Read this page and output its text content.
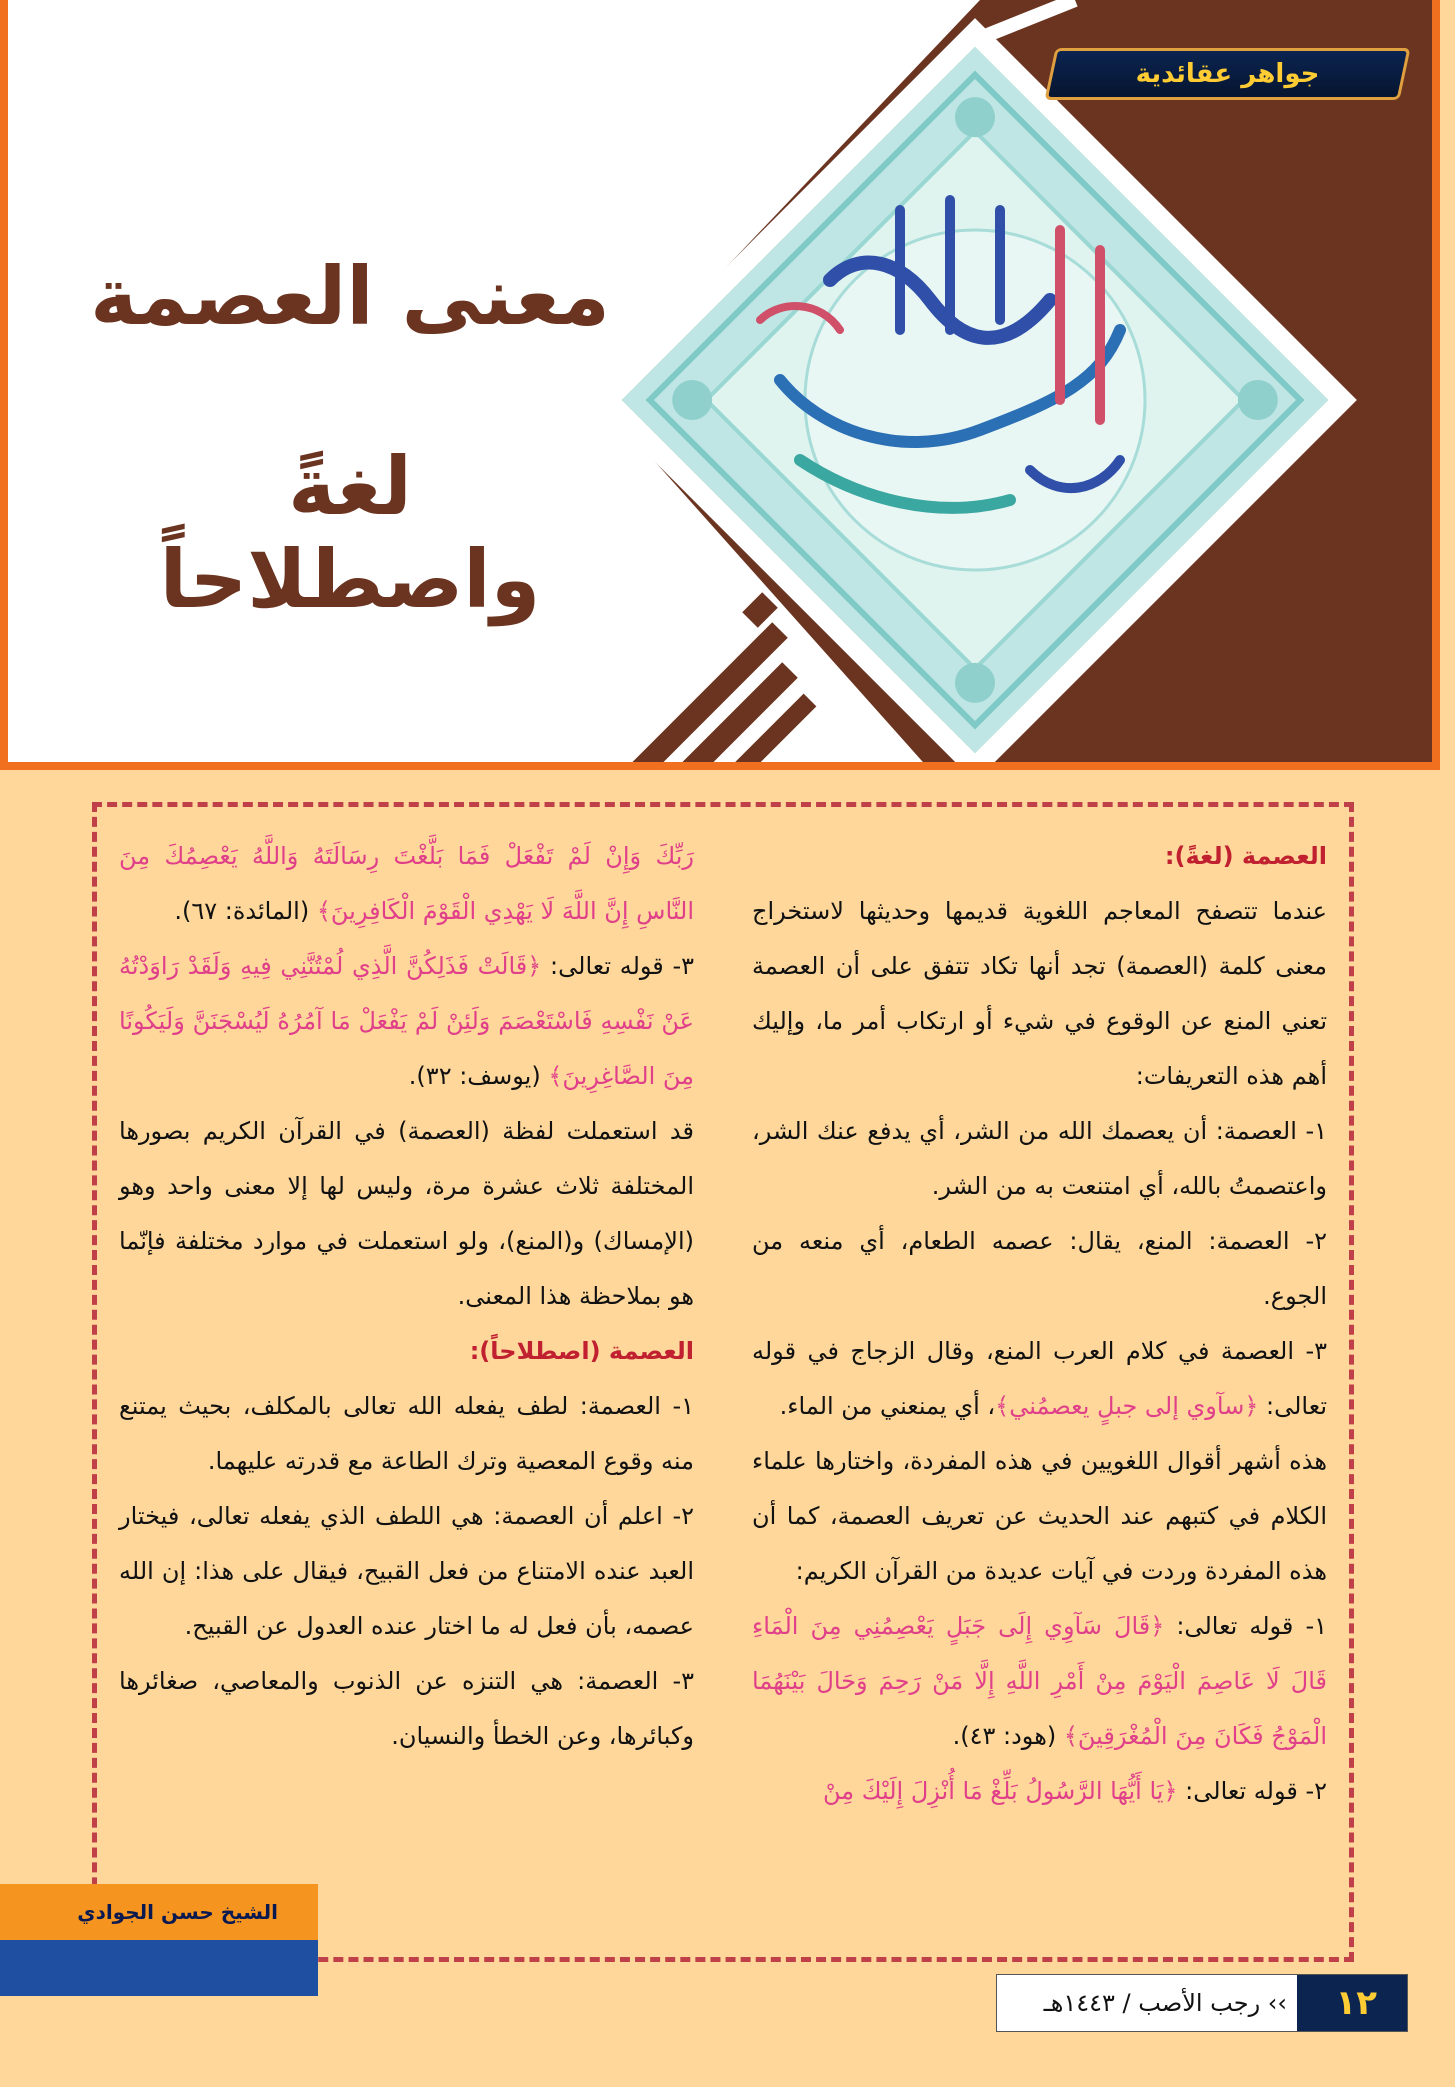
جواهر عقائدية
معنى العصمة
لغةً واصطلاحاً

العصمة (لغةً):

عندما تتصفح المعاجم اللغوية قديمها وحديثها لاستخراج معنى كلمة (العصمة) تجد أنها تكاد تتفق على أن العصمة تعني المنع عن الوقوع في شيء أو ارتكاب أمر ما، وإليك أهم هذه التعريفات:

١- العصمة: أن يعصمك الله من الشر، أي يدفع عنك الشر، واعتصمتُ بالله، أي امتنعت به من الشر.

٢- العصمة: المنع، يقال: عصمه الطعام، أي منعه من الجوع.

٣- العصمة في كلام العرب المنع، وقال الزجاج في قوله تعالى: ﴿سآوي إلى جبلٍ يعصمُني﴾، أي يمنعني من الماء.

هذه أشهر أقوال اللغويين في هذه المفردة، واختارها علماء الكلام في كتبهم عند الحديث عن تعريف العصمة، كما أن هذه المفردة وردت في آيات عديدة من القرآن الكريم:

١- قوله تعالى: ﴿قَالَ سَآوِي إِلَى جَبَلٍ يَعْصِمُنِي مِنَ الْمَاءِ قَالَ لَا عَاصِمَ الْيَوْمَ مِنْ أَمْرِ اللَّهِ إِلَّا مَنْ رَحِمَ وَحَالَ بَيْنَهُمَا الْمَوْجُ فَكَانَ مِنَ الْمُغْرَقِينَ﴾ (هود: ٤٣).

٢- قوله تعالى: ﴿يَا أَيُّهَا الرَّسُولُ بَلِّغْ مَا أُنْزِلَ إِلَيْكَ مِنْ

رَبِّكَ وَإِنْ لَمْ تَفْعَلْ فَمَا بَلَّغْتَ رِسَالَتَهُ وَاللَّهُ يَعْصِمُكَ مِنَ النَّاسِ إِنَّ اللَّهَ لَا يَهْدِي الْقَوْمَ الْكَافِرِينَ﴾ (المائدة: ٦٧).

٣- قوله تعالى: ﴿قَالَتْ فَذَلِكُنَّ الَّذِي لُمْتُنَّنِي فِيهِ وَلَقَدْ رَاوَدْتُهُ عَنْ نَفْسِهِ فَاسْتَعْصَمَ وَلَئِنْ لَمْ يَفْعَلْ مَا آمُرُهُ لَيُسْجَنَنَّ وَلَيَكُونًا مِنَ الصَّاغِرِينَ﴾ (يوسف: ٣٢).

قد استعملت لفظة (العصمة) في القرآن الكريم بصورها المختلفة ثلاث عشرة مرة، وليس لها إلا معنى واحد وهو (الإمساك) و(المنع)، ولو استعملت في موارد مختلفة فإنّما هو بملاحظة هذا المعنى.

العصمة (اصطلاحاً):

١- العصمة: لطف يفعله الله تعالى بالمكلف، بحيث يمتنع منه وقوع المعصية وترك الطاعة مع قدرته عليهما.

٢- اعلم أن العصمة: هي اللطف الذي يفعله تعالى، فيختار العبد عنده الامتناع من فعل القبيح، فيقال على هذا: إن الله عصمه، بأن فعل له ما اختار عنده العدول عن القبيح.

٣- العصمة: هي التنزه عن الذنوب والمعاصي، صغائرها وكبائرها، وعن الخطأ والنسيان.

الشيخ حسن الجوادي
١٢
›› رجب الأصب / ١٤٤٣هـ
